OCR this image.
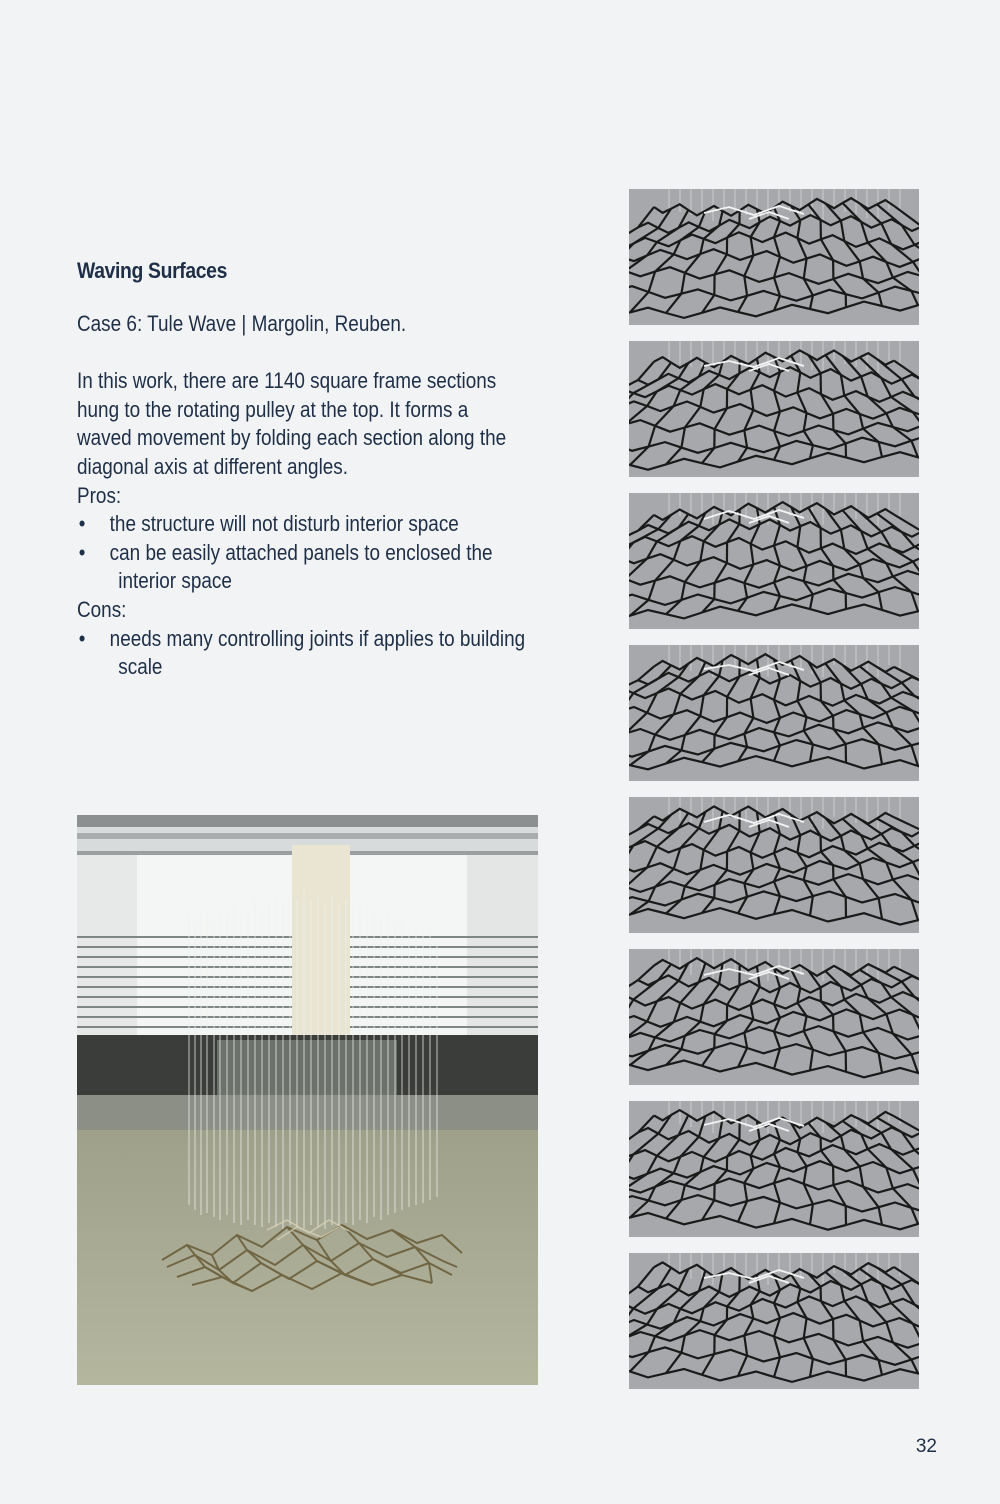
Waving Surfaces

Case 6: Tule Wave | Margolin, Reuben.

In this work, there are 1140 square frame sections hung to the rotating pulley at the top. It forms a waved movement by folding each section along the diagonal axis at different angles.

Pros:

• the structure will not disturb interior space
• can be easily attached panels to enclosed the
interior space

Cons:

• needs many controlling joints if applies to building
scale
32
